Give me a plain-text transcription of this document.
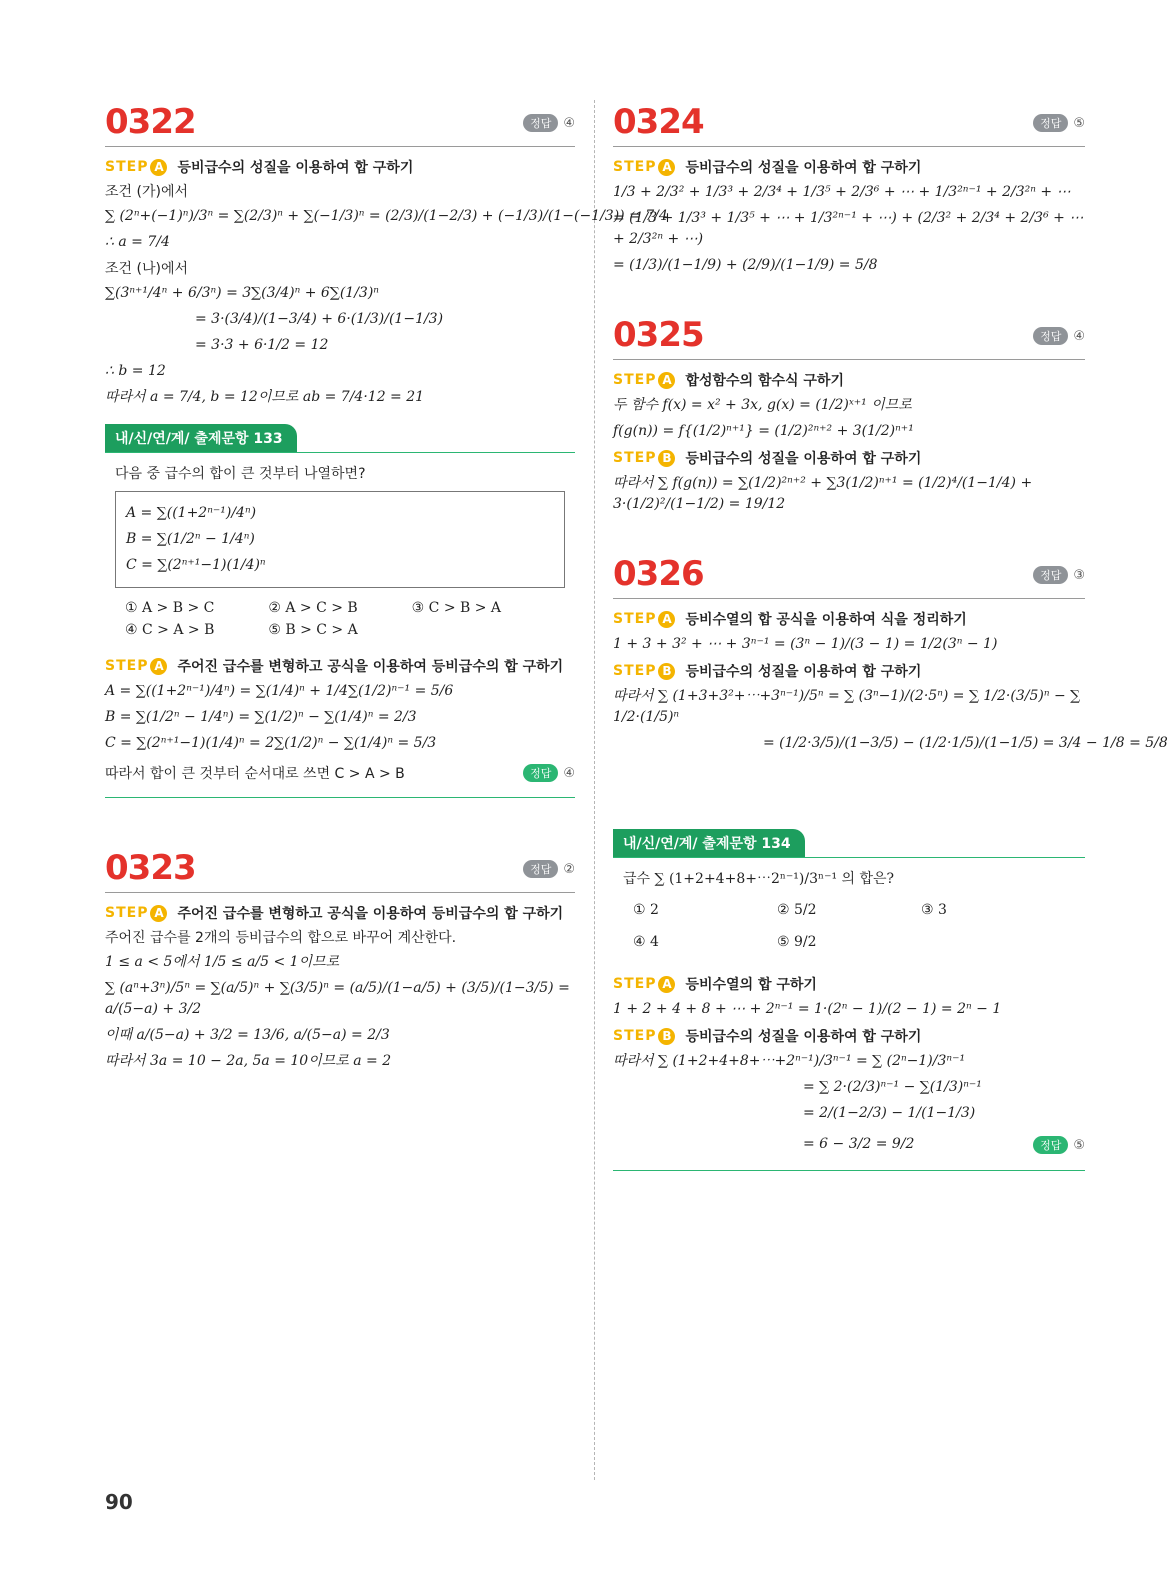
0322	정답 ④
STEP A 등비급수의 성질을 이용하여 합 구하기
조건 (가)에서
∑ (2ⁿ+(−1)ⁿ)/3ⁿ = ∑(2/3)ⁿ + ∑(−1/3)ⁿ = (2/3)/(1−2/3) + (−1/3)/(1−(−1/3)) = 7/4
∴ a = 7/4
조건 (나)에서
∑(3ⁿ⁺¹/4ⁿ + 6/3ⁿ) = 3∑(3/4)ⁿ + 6∑(1/3)ⁿ
= 3·(3/4)/(1−3/4) + 6·(1/3)/(1−1/3)
= 3·3 + 6·1/2 = 12
∴ b = 12
따라서 a = 7/4, b = 12이므로 ab = 7/4·12 = 21
내/신/연/계/ 출제문항 133
다음 중 급수의 합이 큰 것부터 나열하면?
A = ∑((1+2ⁿ⁻¹)/4ⁿ)
B = ∑(1/2ⁿ − 1/4ⁿ)
C = ∑(2ⁿ⁺¹−1)(1/4)ⁿ
① A > B > C	② A > C > B	③ C > B > A
④ C > A > B	⑤ B > C > A
STEP A 주어진 급수를 변형하고 공식을 이용하여 등비급수의 합 구하기
A = ∑((1+2ⁿ⁻¹)/4ⁿ) = ∑(1/4)ⁿ + 1/4∑(1/2)ⁿ⁻¹ = 5/6
B = ∑(1/2ⁿ − 1/4ⁿ) = ∑(1/2)ⁿ − ∑(1/4)ⁿ = 2/3
C = ∑(2ⁿ⁺¹−1)(1/4)ⁿ = 2∑(1/2)ⁿ − ∑(1/4)ⁿ = 5/3
따라서 합이 큰 것부터 순서대로 쓰면 C > A > B	정답 ④
0323	정답 ②
STEP A 주어진 급수를 변형하고 공식을 이용하여 등비급수의 합 구하기
주어진 급수를 2개의 등비급수의 합으로 바꾸어 계산한다.
1 ≤ a < 5에서 1/5 ≤ a/5 < 1이므로
∑ (aⁿ+3ⁿ)/5ⁿ = ∑(a/5)ⁿ + ∑(3/5)ⁿ = (a/5)/(1−a/5) + (3/5)/(1−3/5) = a/(5−a) + 3/2
이때 a/(5−a) + 3/2 = 13/6, a/(5−a) = 2/3
따라서 3a = 10 − 2a, 5a = 10이므로 a = 2
0324	정답 ⑤
STEP A 등비급수의 성질을 이용하여 합 구하기
1/3 + 2/3² + 1/3³ + 2/3⁴ + 1/3⁵ + 2/3⁶ + ⋯ + 1/3²ⁿ⁻¹ + 2/3²ⁿ + ⋯
= (1/3 + 1/3³ + 1/3⁵ + ⋯ + 1/3²ⁿ⁻¹ + ⋯) + (2/3² + 2/3⁴ + 2/3⁶ + ⋯ + 2/3²ⁿ + ⋯)
= (1/3)/(1−1/9) + (2/9)/(1−1/9) = 5/8
0325	정답 ④
STEP A 합성함수의 함수식 구하기
두 함수 f(x) = x² + 3x, g(x) = (1/2)ˣ⁺¹ 이므로
f(g(n)) = f{(1/2)ⁿ⁺¹} = (1/2)²ⁿ⁺² + 3(1/2)ⁿ⁺¹
STEP B 등비급수의 성질을 이용하여 합 구하기
따라서 ∑ f(g(n)) = ∑(1/2)²ⁿ⁺² + ∑3(1/2)ⁿ⁺¹ = (1/2)⁴/(1−1/4) + 3·(1/2)²/(1−1/2) = 19/12
0326	정답 ③
STEP A 등비수열의 합 공식을 이용하여 식을 정리하기
1 + 3 + 3² + ⋯ + 3ⁿ⁻¹ = (3ⁿ − 1)/(3 − 1) = 1/2(3ⁿ − 1)
STEP B 등비급수의 성질을 이용하여 합 구하기
따라서 ∑ (1+3+3²+⋯+3ⁿ⁻¹)/5ⁿ = ∑ (3ⁿ−1)/(2·5ⁿ) = ∑ 1/2·(3/5)ⁿ − ∑ 1/2·(1/5)ⁿ
= (1/2·3/5)/(1−3/5) − (1/2·1/5)/(1−1/5) = 3/4 − 1/8 = 5/8
내/신/연/계/ 출제문항 134
급수 ∑ (1+2+4+8+⋯2ⁿ⁻¹)/3ⁿ⁻¹ 의 합은?
① 2	② 5/2	③ 3
④ 4	⑤ 9/2
STEP A 등비수열의 합 구하기
1 + 2 + 4 + 8 + ⋯ + 2ⁿ⁻¹ = 1·(2ⁿ − 1)/(2 − 1) = 2ⁿ − 1
STEP B 등비급수의 성질을 이용하여 합 구하기
따라서 ∑ (1+2+4+8+⋯+2ⁿ⁻¹)/3ⁿ⁻¹ = ∑ (2ⁿ−1)/3ⁿ⁻¹
= ∑ 2·(2/3)ⁿ⁻¹ − ∑(1/3)ⁿ⁻¹
= 2/(1−2/3) − 1/(1−1/3)
= 6 − 3/2 = 9/2	정답 ⑤
90
